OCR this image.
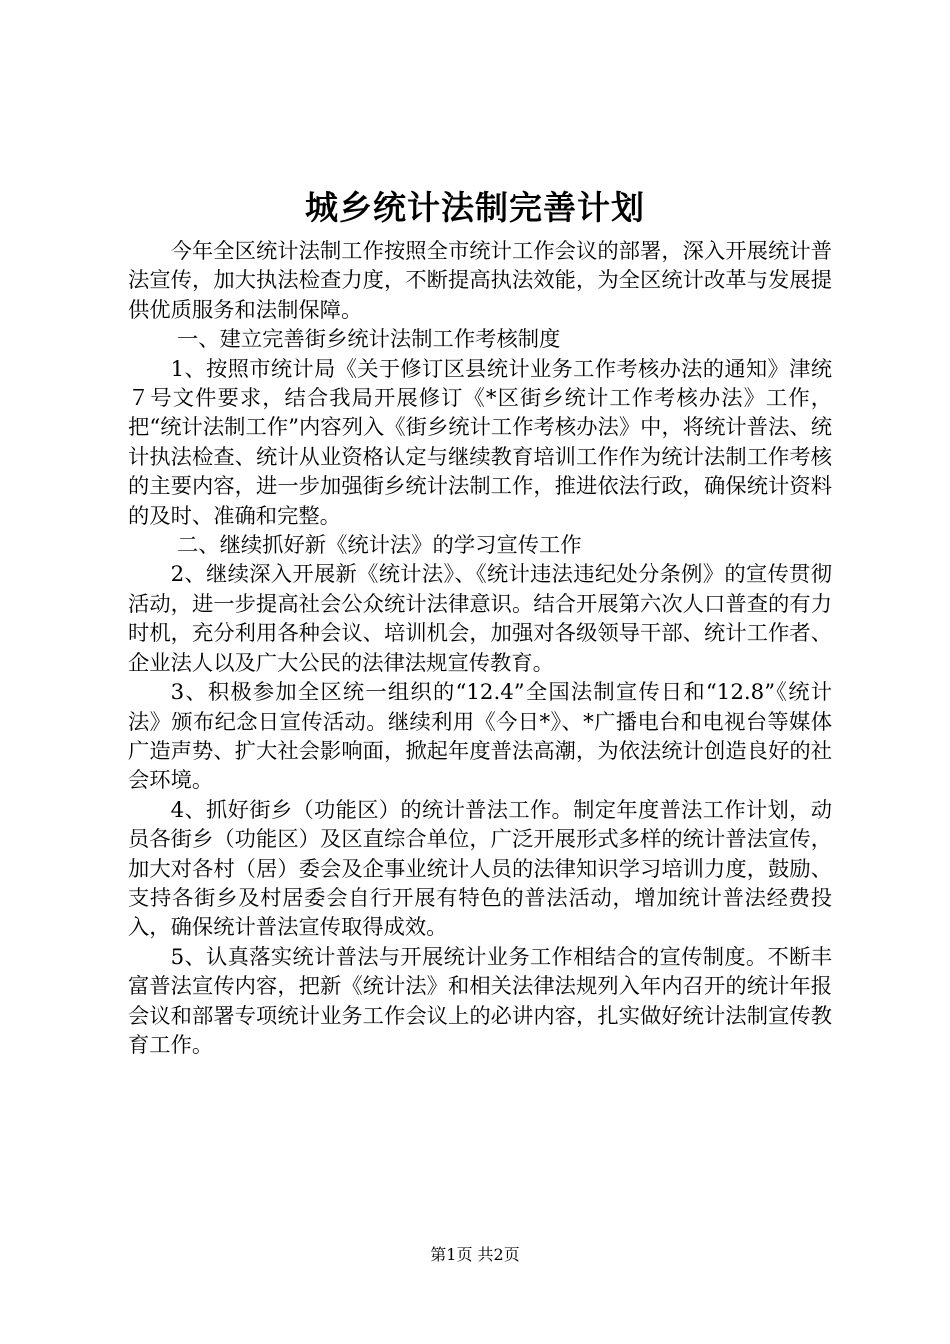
城乡统计法制完善计划

今年全区统计法制工作按照全市统计工作会议的部署，深入开展统计普法宣传，加大执法检查力度，不断提高执法效能，为全区统计改革与发展提供优质服务和法制保障。

一、建立完善街乡统计法制工作考核制度

1、按照市统计局《关于修订区县统计业务工作考核办法的通知》津统７号文件要求，结合我局开展修订《*区街乡统计工作考核办法》工作，把“统计法制工作”内容列入《街乡统计工作考核办法》中，将统计普法、统计执法检查、统计从业资格认定与继续教育培训工作作为统计法制工作考核的主要内容，进一步加强街乡统计法制工作，推进依法行政，确保统计资料的及时、准确和完整。

二、继续抓好新《统计法》的学习宣传工作

2、继续深入开展新《统计法》、《统计违法违纪处分条例》的宣传贯彻活动，进一步提高社会公众统计法律意识。结合开展第六次人口普查的有力时机，充分利用各种会议、培训机会，加强对各级领导干部、统计工作者、企业法人以及广大公民的法律法规宣传教育。

3、积极参加全区统一组织的“12.4”全国法制宣传日和“12.8”《统计法》颁布纪念日宣传活动。继续利用《今日*》、*广播电台和电视台等媒体广造声势、扩大社会影响面，掀起年度普法高潮，为依法统计创造良好的社会环境。

4、抓好街乡（功能区）的统计普法工作。制定年度普法工作计划，动员各街乡（功能区）及区直综合单位，广泛开展形式多样的统计普法宣传，加大对各村（居）委会及企事业统计人员的法律知识学习培训力度，鼓励、支持各街乡及村居委会自行开展有特色的普法活动，增加统计普法经费投入，确保统计普法宣传取得成效。

5、认真落实统计普法与开展统计业务工作相结合的宣传制度。不断丰富普法宣传内容，把新《统计法》和相关法律法规列入年内召开的统计年报会议和部署专项统计业务工作会议上的必讲内容，扎实做好统计法制宣传教育工作。

第1页 共2页
